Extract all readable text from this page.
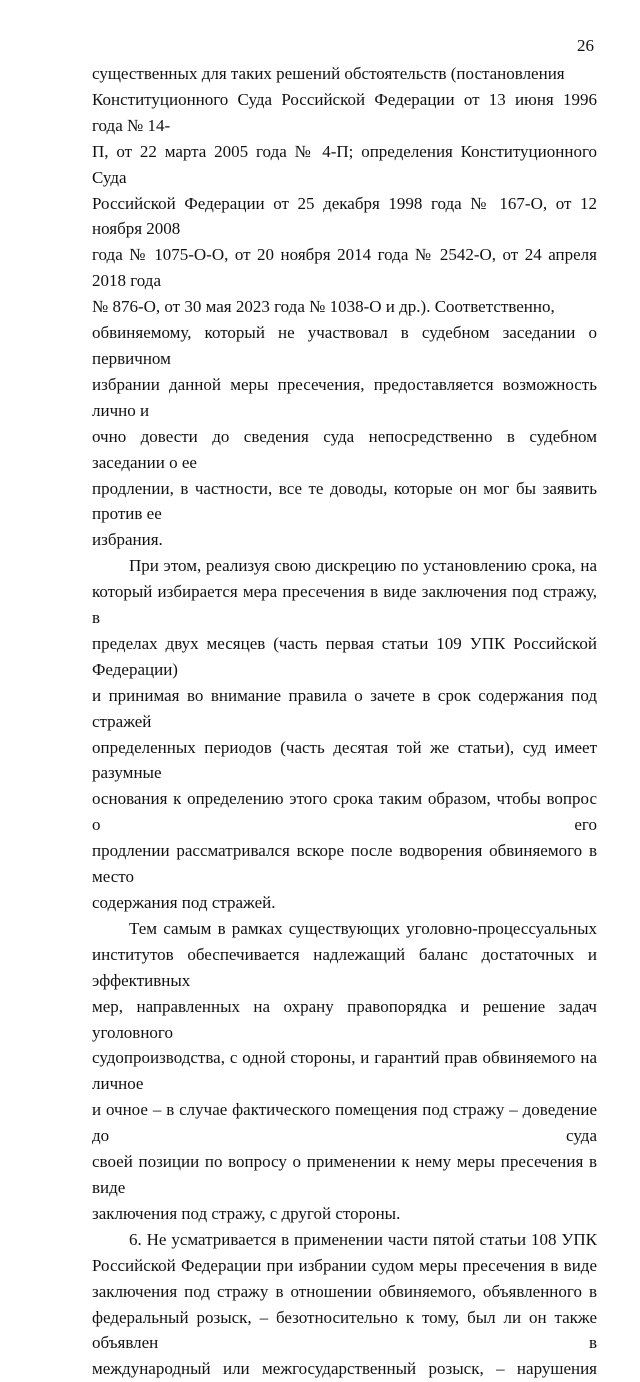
26

существенных для таких решений обстоятельств (постановления
Конституционного Суда Российской Федерации от 13 июня 1996 года № 14-
П, от 22 марта 2005 года № 4-П; определения Конституционного Суда
Российской Федерации от 25 декабря 1998 года № 167-О, от 12 ноября 2008
года № 1075-О-О, от 20 ноября 2014 года № 2542-О, от 24 апреля 2018 года
№ 876-О, от 30 мая 2023 года № 1038-О и др.). Соответственно,
обвиняемому, который не участвовал в судебном заседании о первичном
избрании данной меры пресечения, предоставляется возможность лично и
очно довести до сведения суда непосредственно в судебном заседании о ее
продлении, в частности, все те доводы, которые он мог бы заявить против ее
избрания.

При этом, реализуя свою дискрецию по установлению срока, на
который избирается мера пресечения в виде заключения под стражу, в
пределах двух месяцев (часть первая статьи 109 УПК Российской Федерации)
и принимая во внимание правила о зачете в срок содержания под стражей
определенных периодов (часть десятая той же статьи), суд имеет разумные
основания к определению этого срока таким образом, чтобы вопрос о его
продлении рассматривался вскоре после водворения обвиняемого в место
содержания под стражей.

Тем самым в рамках существующих уголовно-процессуальных
институтов обеспечивается надлежащий баланс достаточных и эффективных
мер, направленных на охрану правопорядка и решение задач уголовного
судопроизводства, с одной стороны, и гарантий прав обвиняемого на личное
и очное – в случае фактического помещения под стражу – доведение до суда
своей позиции по вопросу о применении к нему меры пресечения в виде
заключения под стражу, с другой стороны.

6. Не усматривается в применении части пятой статьи 108 УПК
Российской Федерации при избрании судом меры пресечения в виде
заключения под стражу в отношении обвиняемого, объявленного в
федеральный розыск, – безотносительно к тому, был ли он также объявлен в
международный или межгосударственный розыск, – нарушения
